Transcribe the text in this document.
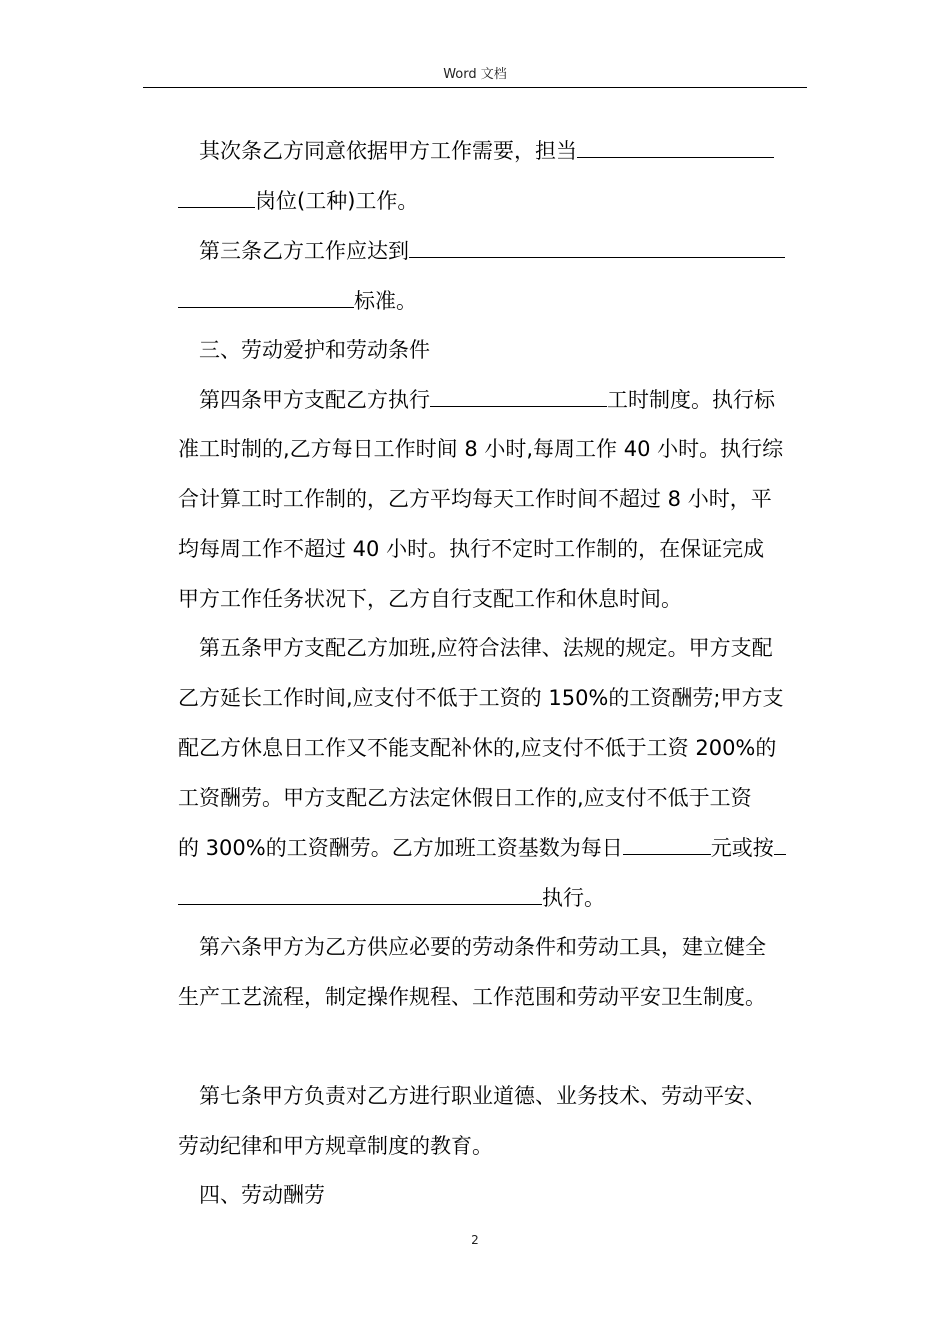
Word 文档
其次条乙方同意依据甲方工作需要，担当
岗位(工种)工作。
第三条乙方工作应达到
标准。
三、劳动爱护和劳动条件
第四条甲方支配乙方执行	工时制度。执行标
准工时制的,乙方每日工作时间 8 小时,每周工作 40 小时。执行综
合计算工时工作制的，乙方平均每天工作时间不超过 8 小时，平
均每周工作不超过 40 小时。执行不定时工作制的，在保证完成
甲方工作任务状况下，乙方自行支配工作和休息时间。
第五条甲方支配乙方加班,应符合法律、法规的规定。甲方支配
乙方延长工作时间,应支付不低于工资的 150%的工资酬劳;甲方支
配乙方休息日工作又不能支配补休的,应支付不低于工资 200%的
工资酬劳。甲方支配乙方法定休假日工作的,应支付不低于工资
的 300%的工资酬劳。乙方加班工资基数为每日	元或按
执行。
第六条甲方为乙方供应必要的劳动条件和劳动工具，建立健全
生产工艺流程，制定操作规程、工作范围和劳动平安卫生制度。
第七条甲方负责对乙方进行职业道德、业务技术、劳动平安、
劳动纪律和甲方规章制度的教育。
四、劳动酬劳
2
